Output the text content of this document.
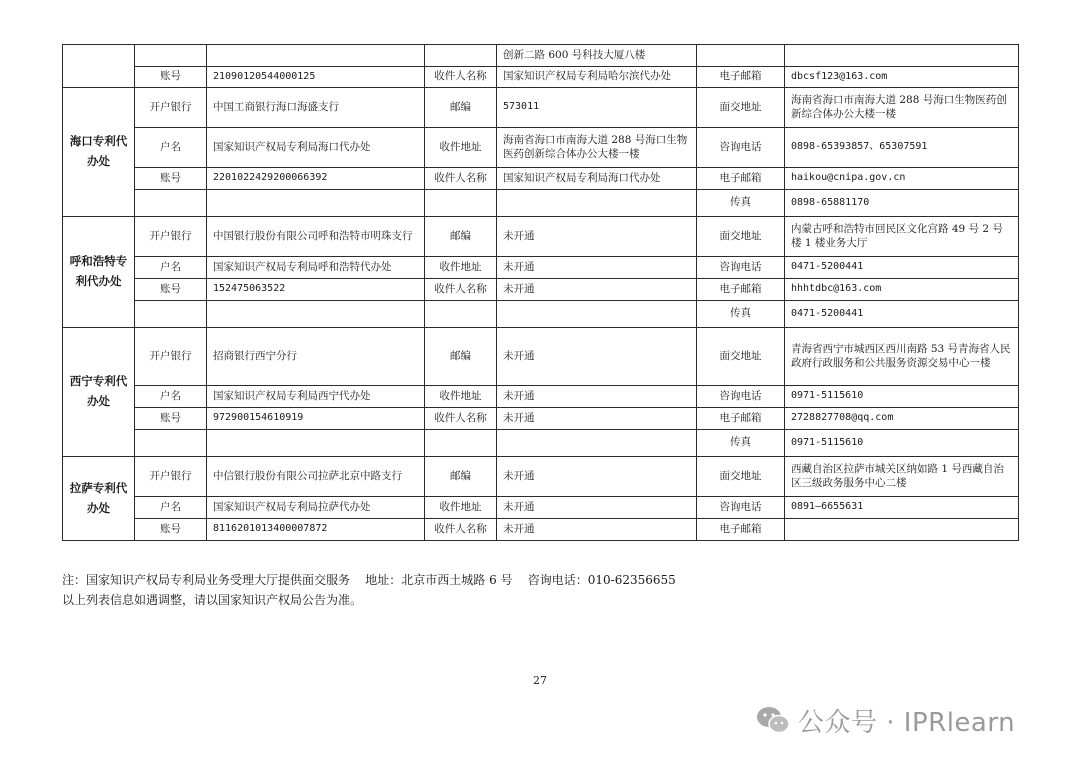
				创新二路 600 号科技大厦八楼		
	账号	21090120544000125	收件人名称	国家知识产权局专利局哈尔滨代办处	电子邮箱	dbcsf123@163.com
海口专利代办处	开户银行	中国工商银行海口海盛支行	邮编	573011	面交地址	海南省海口市南海大道 288 号海口生物医药创新综合体办公大楼一楼
	户名	国家知识产权局专利局海口代办处	收件地址	海南省海口市南海大道 288 号海口生物医药创新综合体办公大楼一楼	咨询电话	0898-65393857、65307591
	账号	2201022429200066392	收件人名称	国家知识产权局专利局海口代办处	电子邮箱	haikou@cnipa.gov.cn
					传真	0898-65881170
呼和浩特专利代办处	开户银行	中国银行股份有限公司呼和浩特市明珠支行	邮编	未开通	面交地址	内蒙古呼和浩特市回民区文化宫路 49 号 2 号楼 1 楼业务大厅
	户名	国家知识产权局专利局呼和浩特代办处	收件地址	未开通	咨询电话	0471-5200441
	账号	152475063522	收件人名称	未开通	电子邮箱	hhhtdbc@163.com
					传真	0471-5200441
西宁专利代办处	开户银行	招商银行西宁分行	邮编	未开通	面交地址	青海省西宁市城西区西川南路 53 号青海省人民政府行政服务和公共服务资源交易中心一楼
	户名	国家知识产权局专利局西宁代办处	收件地址	未开通	咨询电话	0971-5115610
	账号	972900154610919	收件人名称	未开通	电子邮箱	2728827708@qq.com
					传真	0971-5115610
拉萨专利代办处	开户银行	中信银行股份有限公司拉萨北京中路支行	邮编	未开通	面交地址	西藏自治区拉萨市城关区纳如路 1 号西藏自治区三级政务服务中心二楼
	户名	国家知识产权局专利局拉萨代办处	收件地址	未开通	咨询电话	0891—6655631
	账号	8116201013400007872	收件人名称	未开通	电子邮箱	

注：国家知识产权局专利局业务受理大厅提供面交服务    地址：北京市西土城路 6 号    咨询电话：010-62356655

以上列表信息如遇调整，请以国家知识产权局公告为准。

27
公众号 · IPRlearn
